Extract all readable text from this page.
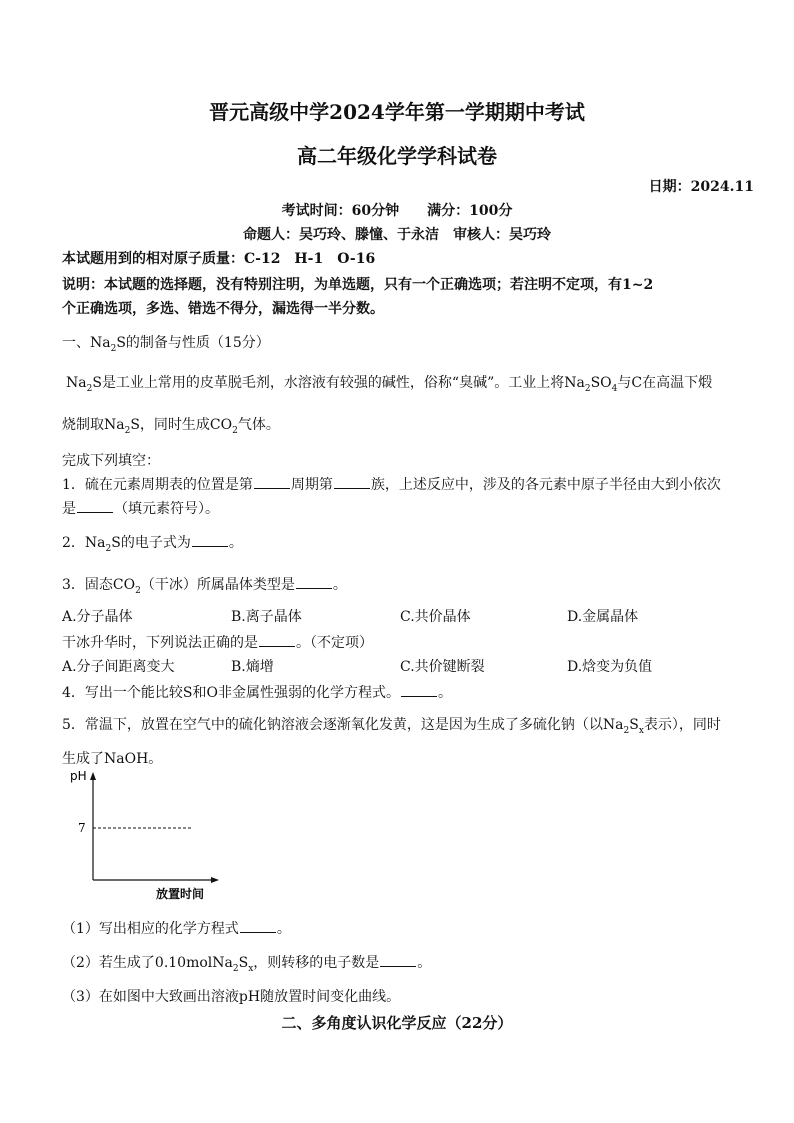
晋元高级中学2024学年第一学期期中考试
高二年级化学学科试卷
日期：2024.11
考试时间：60分钟　　满分：100分
命题人：吴巧玲、滕憧、于永洁　审核人：吴巧玲
本试题用到的相对原子质量：C-12　H-1　O-16
说明：本试题的选择题，没有特别注明，为单选题，只有一个正确选项；若注明不定项，有1~2
个正确选项，多选、错选不得分，漏选得一半分数。
一、$Na_2S$的制备与性质（15分）
$Na_2S$是工业上常用的皮革脱毛剂，水溶液有较强的碱性，俗称“臭碱”。工业上将$Na_2SO_4$与C在高温下煅
烧制取$Na_2S$，同时生成$CO_2$气体。
完成下列填空：
1．硫在元素周期表的位置是第	周期第	族，上述反应中，涉及的各元素中原子半径由大到小依次
是	（填元素符号）。
2．$Na_2S$的电子式为	。
3．固态$CO_2$（干冰）所属晶体类型是	。
A.分子晶体	B.离子晶体	C.共价晶体	D.金属晶体
干冰升华时，下列说法正确的是	。（不定项）
A.分子间距离变大	B.熵增	C.共价键断裂	D.焓变为负值
4．写出一个能比较S和O非金属性强弱的化学方程式。	。
5．常温下，放置在空气中的硫化钠溶液会逐渐氧化发黄，这是因为生成了多硫化钠（以$Na_2S_x$表示），同时
生成了NaOH。
pH
7
放置时间
（1）写出相应的化学方程式	。
（2）若生成了$0.10molNa_2S_x$，则转移的电子数是	。
（3）在如图中大致画出溶液pH随放置时间变化曲线。
二、多角度认识化学反应（22分）
